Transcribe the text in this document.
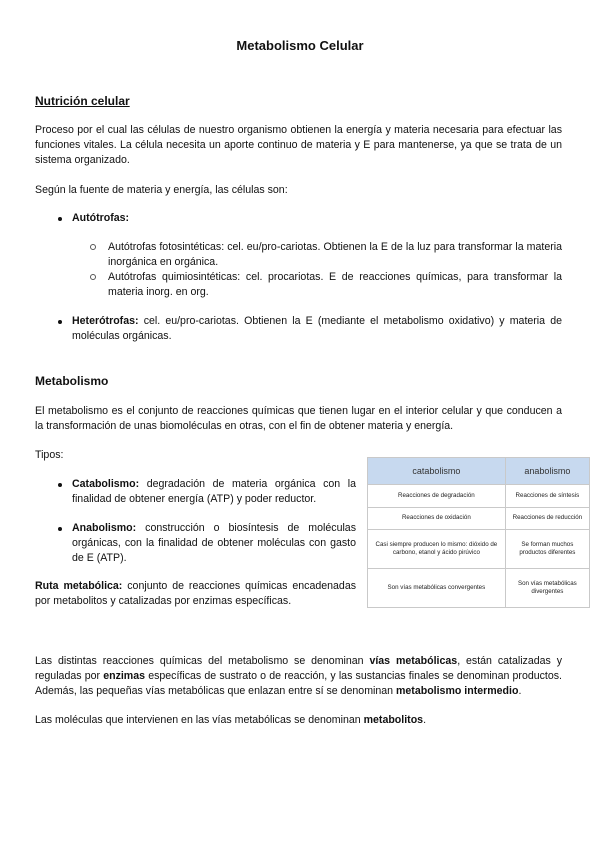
Metabolismo Celular
Nutrición celular
Proceso por el cual las células de nuestro organismo obtienen la energía y materia necesaria para efectuar las funciones vitales. La célula necesita un aporte continuo de materia y E para mantenerse, ya que se trata de un sistema organizado.
Según la fuente de materia y energía, las células son:
Autótrofas:
Autótrofas fotosintéticas: cel. eu/pro-cariotas. Obtienen la E de la luz para transformar la materia inorgánica en orgánica.
Autótrofas quimiosintéticas: cel. procariotas. E de reacciones químicas, para transformar la materia inorg. en org.
Heterótrofas: cel. eu/pro-cariotas. Obtienen la E (mediante el metabolismo oxidativo) y materia de moléculas orgánicas.
Metabolismo
El metabolismo es el conjunto de reacciones químicas que tienen lugar en el interior celular y que conducen a la transformación de unas biomoléculas en otras, con el fin de obtener materia y energía.
Tipos:
Catabolismo: degradación de materia orgánica con la finalidad de obtener energía (ATP) y poder reductor.
Anabolismo: construcción o biosíntesis de moléculas orgánicas, con la finalidad de obtener moléculas con gasto de E (ATP).
Ruta metabólica: conjunto de reacciones químicas encadenadas por metabolitos y catalizadas por enzimas específicas.
catabolismo	anabolismo
Reacciones de degradación	Reacciones de síntesis
Reacciones de oxidación	Reacciones de reducción
Casi siempre producen lo mismo: dióxido de carbono, etanol y ácido pirúvico	Se forman muchos productos diferentes
Son vías metabólicas convergentes	Son vías metabólicas divergentes
Las distintas reacciones químicas del metabolismo se denominan vías metabólicas, están catalizadas y reguladas por enzimas específicas de sustrato o de reacción, y las sustancias finales se denominan productos. Además, las pequeñas vías metabólicas que enlazan entre sí se denominan metabolismo intermedio.
Las moléculas que intervienen en las vías metabólicas se denominan metabolitos.
